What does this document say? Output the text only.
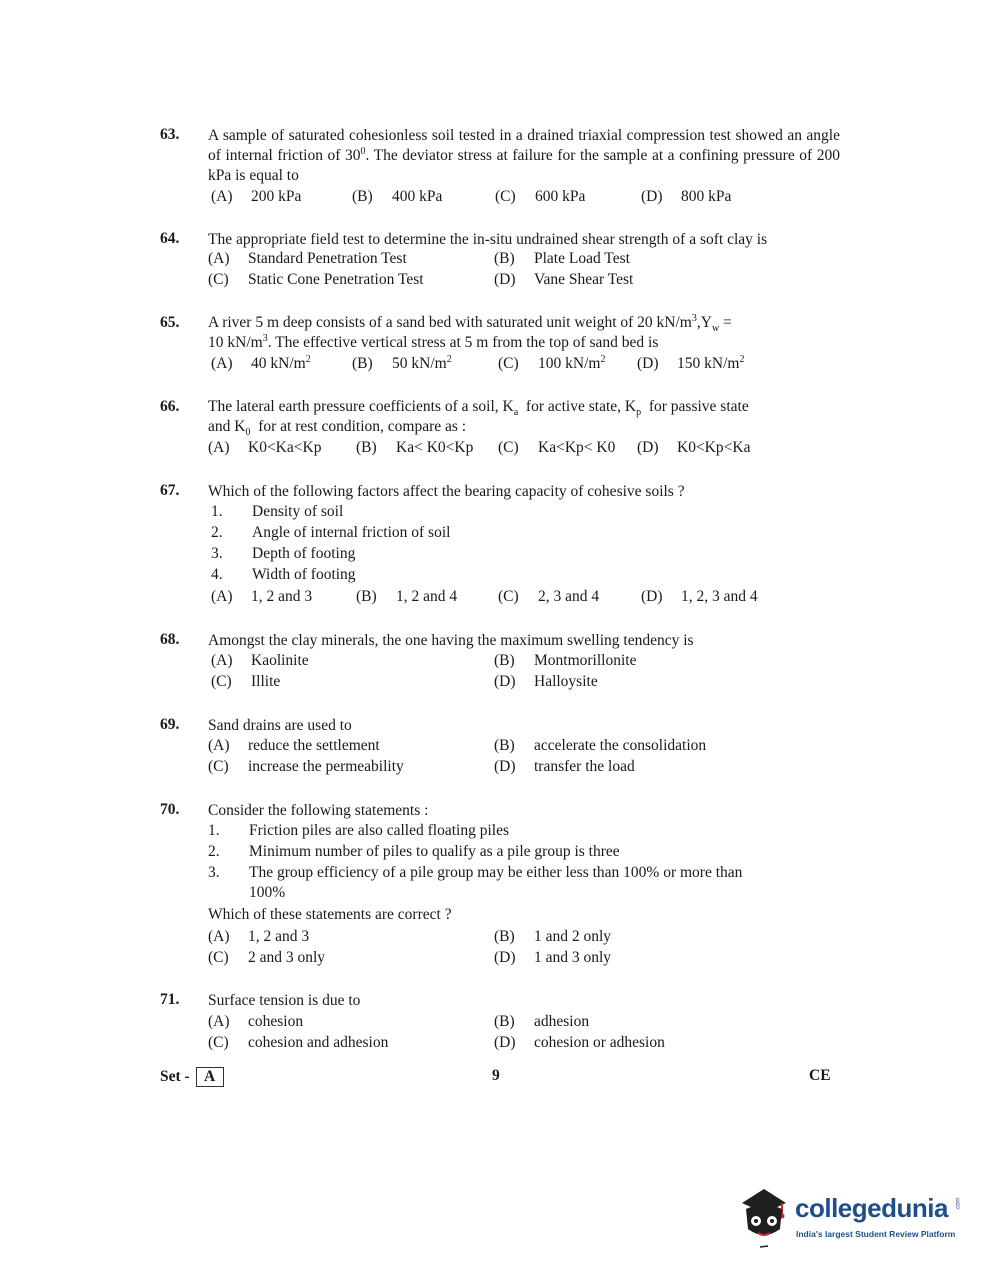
63. A sample of saturated cohesionless soil tested in a drained triaxial compression test showed an angle of internal friction of $30^0$. The deviator stress at failure for the sample at a confining pressure of 200 kPa is equal to
(A) 200 kPa	(B) 400 kPa	(C) 600 kPa	(D) 800 kPa
64. The appropriate field test to determine the in-situ undrained shear strength of a soft clay is
(A) Standard Penetration Test	(B) Plate Load Test
(C) Static Cone Penetration Test	(D) Vane Shear Test
65. A river 5 m deep consists of a sand bed with saturated unit weight of 20 $kN/m^3,Y_w$ =
10 $kN/m^3$. The effective vertical stress at 5 m from the top of sand bed is
(A) 40 $kN/m^2$	(B) 50 $kN/m^2$	(C) 100 $kN/m^2$ (D) 150 $kN/m^2$
66. The lateral earth pressure coefficients of a soil, $K_a$  for active state, $K_p$  for passive state
and $K_0$  for at rest condition, compare as :
(A) K0<Ka<Kp (B) Ka< K0<Kp (C) Ka<Kp< K0 (D) K0<Kp<Ka
67. Which of the following factors affect the bearing capacity of cohesive soils ?
1. Density of soil
2. Angle of internal friction of soil
3. Depth of footing
4. Width of footing
(A) 1, 2 and 3	(B) 1, 2 and 4	(C) 2, 3 and 4	(D) 1, 2, 3 and 4
68. Amongst the clay minerals, the one having the maximum swelling tendency is
(A) Kaolinite	(B) Montmorillonite
(C) Illite	(D) Halloysite
69. Sand drains are used to
(A) reduce the settlement	(B) accelerate the consolidation
(C) increase the permeability	(D) transfer the load
70. Consider the following statements :
1. Friction piles are also called floating piles
2. Minimum number of piles to qualify as a pile group is three
3. The group efficiency of a pile group may be either less than 100% or more than
100%
Which of these statements are correct ?
(A) 1, 2 and 3	(B) 1 and 2 only
(C) 2 and 3 only	(D) 1 and 3 only
71. Surface tension is due to
(A) cohesion	(B) adhesion
(C) cohesion and adhesion	(D) cohesion or adhesion
Set - A	9	CE
collegedunia .com
India's largest Student Review Platform
